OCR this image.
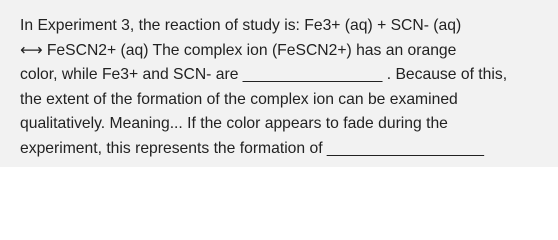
In Experiment 3, the reaction of study is: Fe3+ (aq) + SCN- (aq)
⟷ FeSCN2+ (aq) The complex ion (FeSCN2+) has an orange
color, while Fe3+ and SCN- are ________________ . Because of this,
the extent of the formation of the complex ion can be examined
qualitatively. Meaning... If the color appears to fade during the
experiment, this represents the formation of __________________
